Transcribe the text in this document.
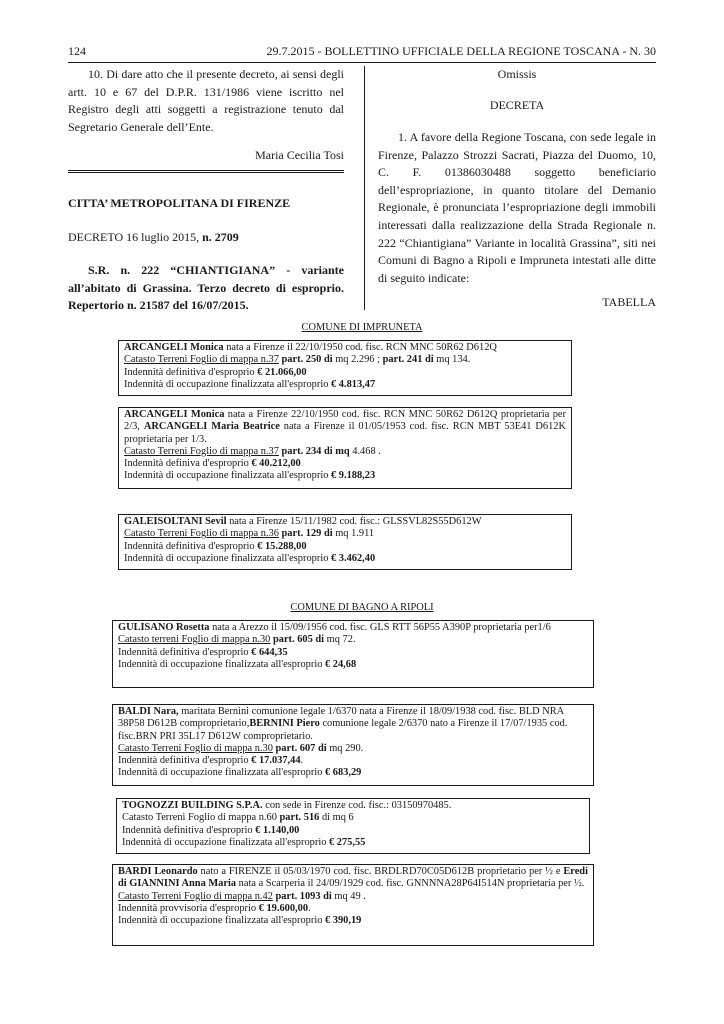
124	29.7.2015 - BOLLETTINO UFFICIALE DELLA REGIONE TOSCANA - N. 30

10. Di dare atto che il presente decreto, ai sensi degli artt. 10 e 67 del D.P.R. 131/1986 viene iscritto nel Registro degli atti soggetti a registrazione tenuto dal Segretario Generale dell’Ente.

Maria Cecilia Tosi

CITTA’ METROPOLITANA DI FIRENZE

DECRETO 16 luglio 2015, n. 2709

S.R. n. 222 “CHIANTIGIANA” - variante all’abitato di Grassina. Terzo decreto di esproprio. Repertorio n. 21587 del 16/07/2015.

Omissis

DECRETA

1. A favore della Regione Toscana, con sede legale in Firenze, Palazzo Strozzi Sacrati, Piazza del Duomo, 10, C. F. 01386030488 soggetto beneficiario dell’espropriazione, in quanto titolare del Demanio Regionale, è pronunciata l’espropriazione degli immobili interessati dalla realizzazione della Strada Regionale n. 222 “Chiantigiana” Variante in località Grassina”, siti nei Comuni di Bagno a Ripoli e Impruneta intestati alle ditte di seguito indicate:

TABELLA

COMUNE DI IMPRUNETA
ARCANGELI Monica nata a Firenze il 22/10/1950 cod. fisc. RCN MNC 50R62 D612Q
Catasto Terreni Foglio di mappa n.37 part. 250 di mq 2.296 ; part. 241 di mq 134.
Indennità definitiva d'esproprio € 21.066,00
Indennità di occupazione finalizzata all'esproprio € 4.813,47
ARCANGELI Monica nata a Firenze 22/10/1950 cod. fisc. RCN MNC 50R62 D612Q proprietaria per 2/3, ARCANGELI Maria Beatrice nata a Firenze il 01/05/1953 cod. fisc. RCN MBT 53E41 D612K proprietaria per 1/3.
Catasto Terreni Foglio di mappa n.37 part. 234 di mq 4.468 .
Indennità definiva d'esproprio € 40.212,00
Indennità di occupazione finalizzata all'esproprio € 9.188,23
GALEISOLTANI Sevil nata a Firenze 15/11/1982 cod. fisc.: GLSSVL82S55D612W
Catasto Terreni Foglio di mappa n.36 part. 129 di mq 1.911
Indennità definitiva d'esproprio € 15.288,00
Indennità di occupazione finalizzata all'esproprio € 3.462,40
COMUNE DI BAGNO A RIPOLI
GULISANO Rosetta nata a Arezzo il 15/09/1956 cod. fisc. GLS RTT 56P55 A390P proprietaria per1/6
Catasto terreni Foglio di mappa n.30 part. 605 di mq 72.
Indennità definitiva d'esproprio € 644,35
Indennità di occupazione finalizzata all'esproprio € 24,68
BALDI Nara, maritata Bernini comunione legale 1/6370 nata a Firenze il 18/09/1938 cod. fisc. BLD NRA 38P58 D612B comproprietario,BERNINI Piero comunione legale 2/6370 nato a Firenze il 17/07/1935 cod. fisc.BRN PRI 35L17 D612W comproprietario.
Catasto Terreni Foglio di mappa n.30 part. 607 di mq 290.
Indennità definitiva d'esproprio € 17.037,44.
Indennità di occupazione finalizzata all'esproprio € 683,29
TOGNOZZI BUILDING S.P.A. con sede in Firenze cod. fisc.: 03150970485.
Catasto Terreni Foglio di mappa n.60 part. 516 di mq 6
Indennità definitiva d'esproprio € 1.140,00
Indennità di occupazione finalizzata all'esproprio € 275,55
BARDI Leonardo nato a FIRENZE il 05/03/1970 cod. fisc. BRDLRD70C05D612B proprietario per ½ e Eredi di GIANNINI Anna Maria nata a Scarperia il 24/09/1929 cod. fisc. GNNNNA28P64I514N proprietaria per ½.
Catasto Terreni Foglio di mappa n.42 part. 1093 di mq 49 .
Indennità provvisoria d'esproprio € 19.600,00.
Indennità di occupazione finalizzata all'esproprio € 390,19
